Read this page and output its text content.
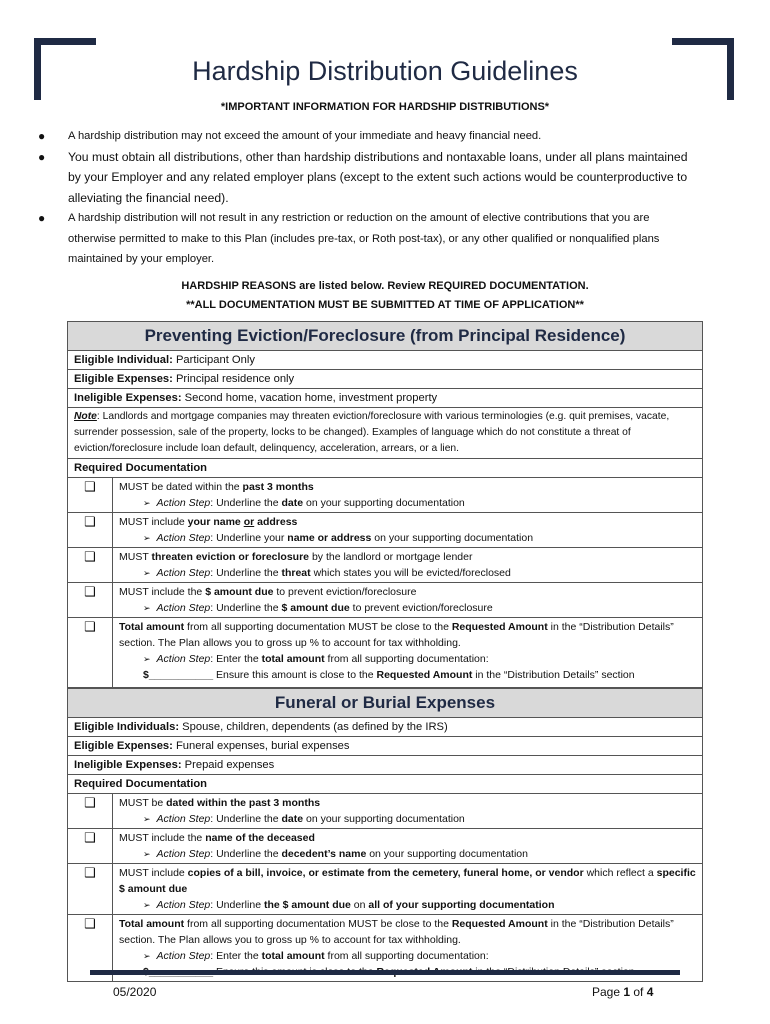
Hardship Distribution Guidelines
*IMPORTANT INFORMATION FOR HARDSHIP DISTRIBUTIONS*
● A hardship distribution may not exceed the amount of your immediate and heavy financial need.
● You must obtain all distributions, other than hardship distributions and nontaxable loans, under all plans maintained by your Employer and any related employer plans (except to the extent such actions would be counterproductive to alleviating the financial need).
● A hardship distribution will not result in any restriction or reduction on the amount of elective contributions that you are otherwise permitted to make to this Plan (includes pre-tax, or Roth post-tax), or any other qualified or nonqualified plans maintained by your employer.
HARDSHIP REASONS are listed below. Review REQUIRED DOCUMENTATION.
**ALL DOCUMENTATION MUST BE SUBMITTED AT TIME OF APPLICATION**
Preventing Eviction/Foreclosure (from Principal Residence)
Eligible Individual: Participant Only
Eligible Expenses: Principal residence only
Ineligible Expenses: Second home, vacation home, investment property
Note: Landlords and mortgage companies may threaten eviction/foreclosure with various terminologies (e.g. quit premises, vacate, surrender possession, sale of the property, locks to be changed). Examples of language which do not constitute a threat of eviction/foreclosure include loan default, delinquency, acceleration, arrears, or a lien.
Required Documentation
❑	MUST be dated within the past 3 months
➢ Action Step: Underline the date on your supporting documentation
❑	MUST include your name or address
➢ Action Step: Underline your name or address on your supporting documentation
❑	MUST threaten eviction or foreclosure by the landlord or mortgage lender
➢ Action Step: Underline the threat which states you will be evicted/foreclosed
❑	MUST include the $ amount due to prevent eviction/foreclosure
➢ Action Step: Underline the $ amount due to prevent eviction/foreclosure
❑	Total amount from all supporting documentation MUST be close to the Requested Amount in the “Distribution Details” section. The Plan allows you to gross up % to account for tax withholding.
➢ Action Step: Enter the total amount from all supporting documentation:
$___________ Ensure this amount is close to the Requested Amount in the “Distribution Details” section
Funeral or Burial Expenses
Eligible Individuals: Spouse, children, dependents (as defined by the IRS)
Eligible Expenses: Funeral expenses, burial expenses
Ineligible Expenses: Prepaid expenses
Required Documentation
❑	MUST be dated within the past 3 months
➢ Action Step: Underline the date on your supporting documentation
❑	MUST include the name of the deceased
➢ Action Step: Underline the decedent’s name on your supporting documentation
❑	MUST include copies of a bill, invoice, or estimate from the cemetery, funeral home, or vendor which reflect a specific $ amount due
➢ Action Step: Underline the $ amount due on all of your supporting documentation
❑	Total amount from all supporting documentation MUST be close to the Requested Amount in the “Distribution Details” section. The Plan allows you to gross up % to account for tax withholding.
➢ Action Step: Enter the total amount from all supporting documentation:
05/2020	Page 1 of 4
